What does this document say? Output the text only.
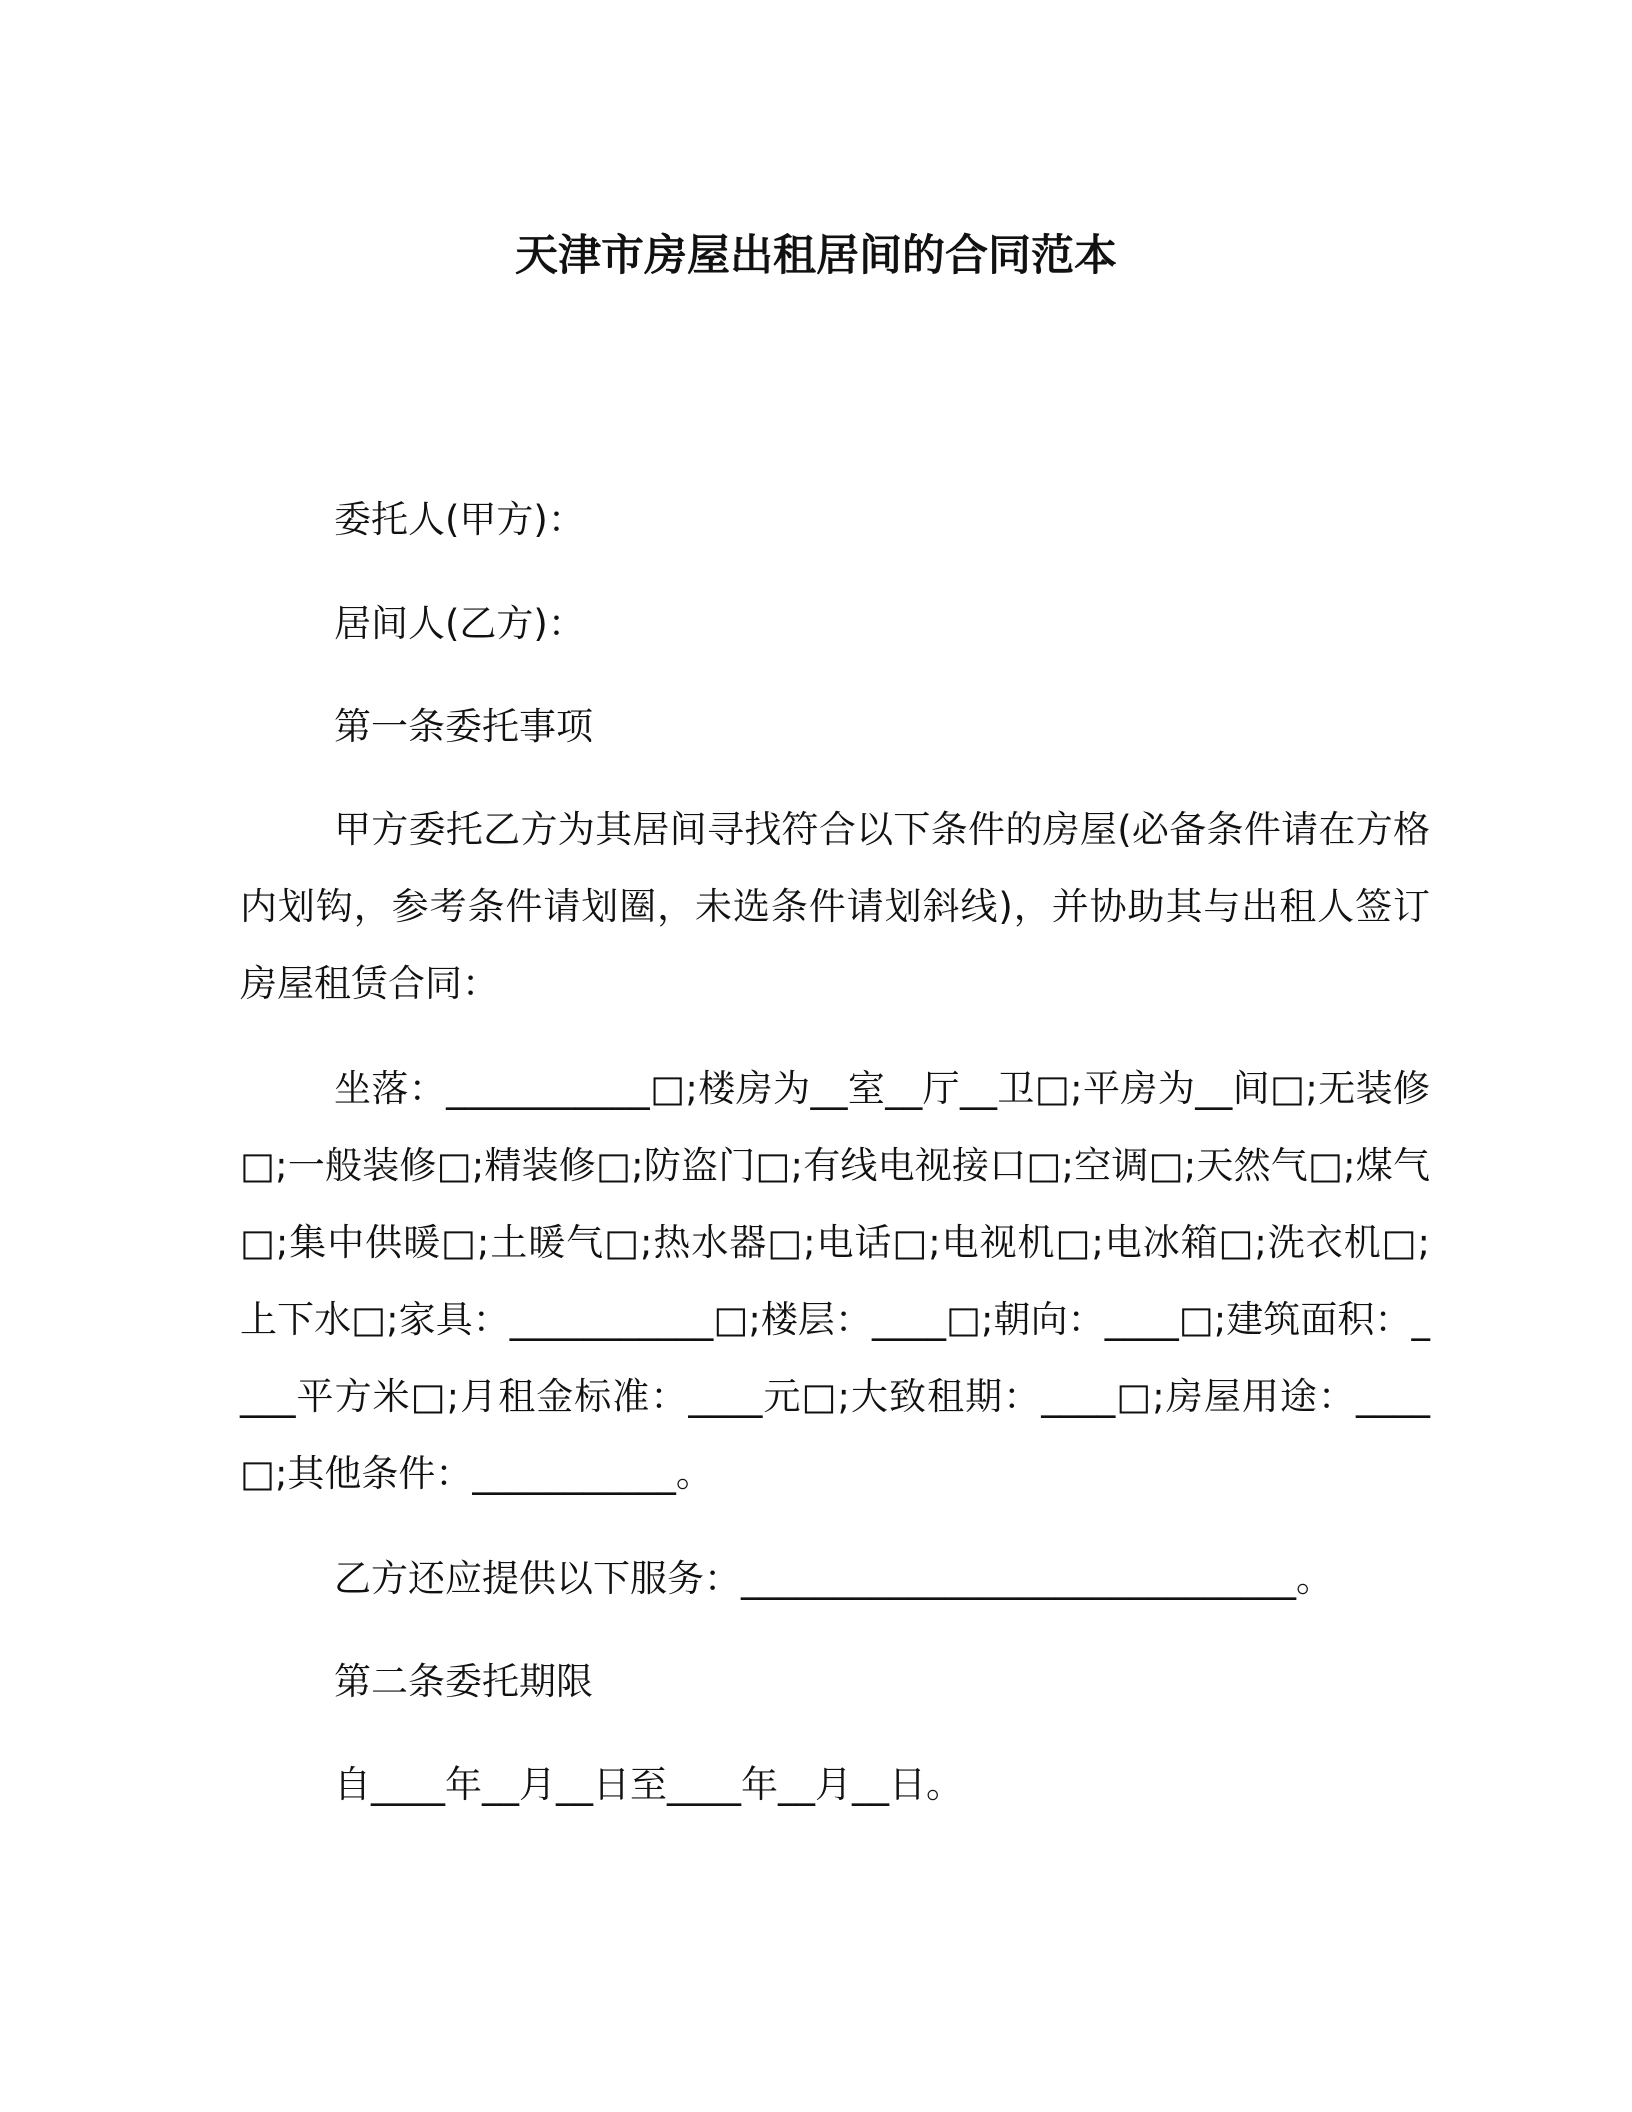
天津市房屋出租居间的合同范本
委托人(甲方)：
居间人(乙方)：
第一条委托事项
甲方委托乙方为其居间寻找符合以下条件的房屋(必备条件请在方格内划钩，参考条件请划圈，未选条件请划斜线)，并协助其与出租人签订房屋租赁合同：
坐落：___________□;楼房为__室__厅__卫□;平房为__间□;无装修□;一般装修□;精装修□;防盗门□;有线电视接口□;空调□;天然气□;煤气□;集中供暖□;土暖气□;热水器□;电话□;电视机□;电冰箱□;洗衣机□;上下水□;家具：___________□;楼层：____□;朝向：____□;建筑面积：____平方米□;月租金标准：____元□;大致租期：____□;房屋用途：____□;其他条件：___________。
乙方还应提供以下服务：______________________________。
第二条委托期限
自____年__月__日至____年__月__日。
